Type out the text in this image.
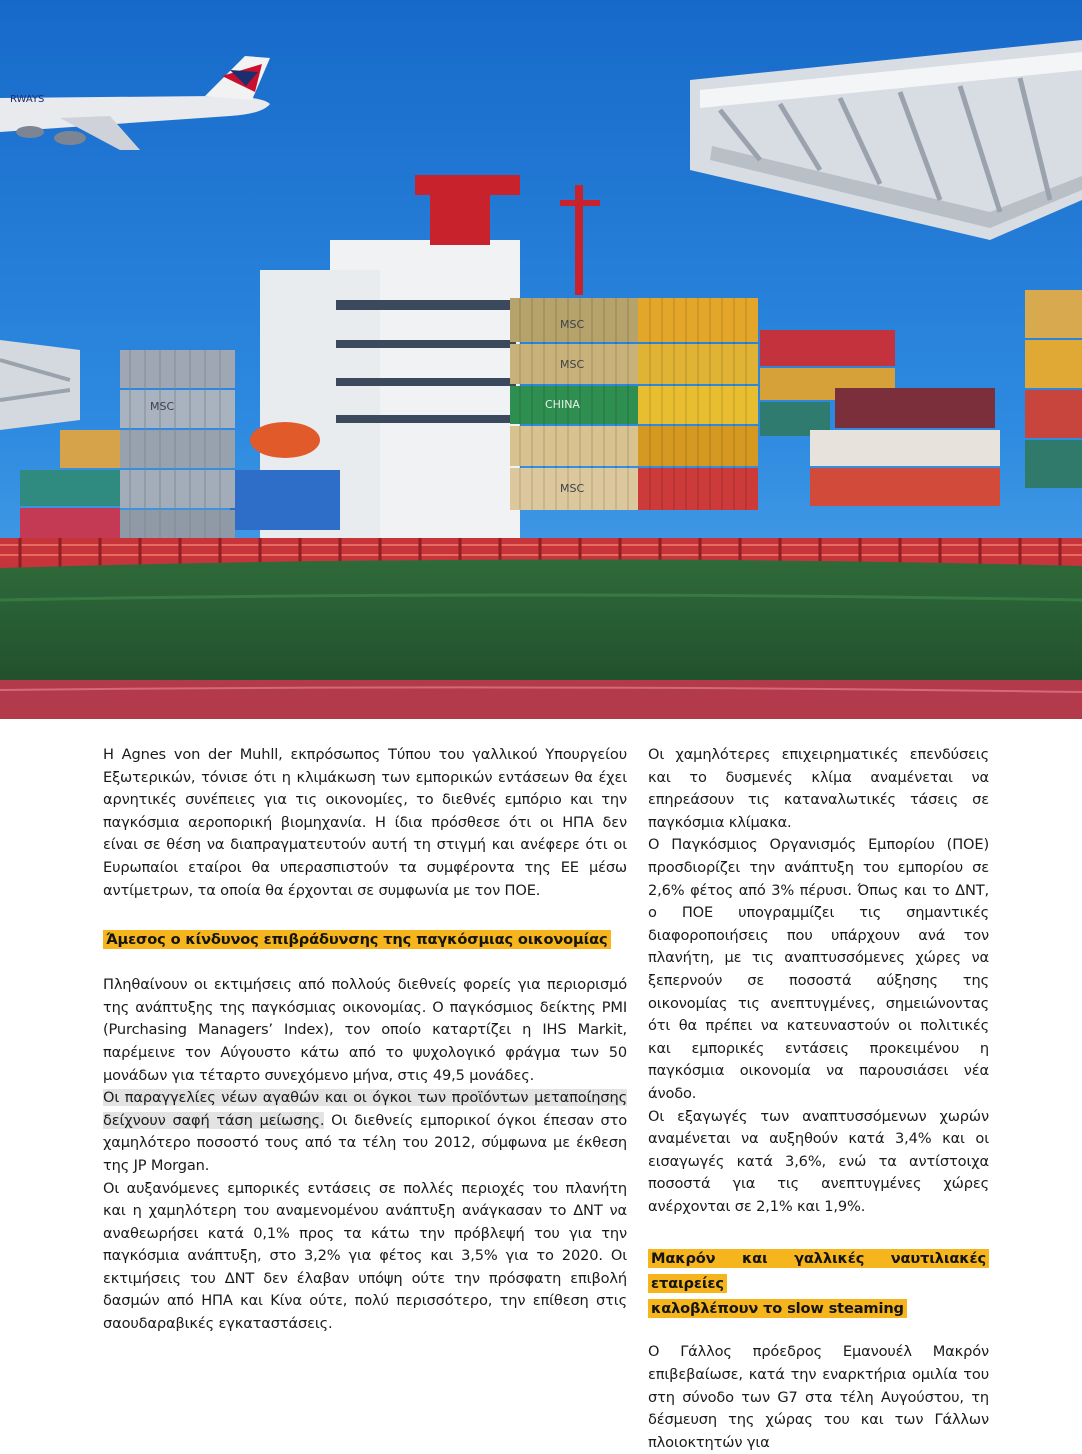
RWAYS
MSC
MSC
MSC
CHINA
MSC

Η Agnes von der Muhll, εκπρόσωπος Τύπου του γαλλικού Υπουργείου Εξωτερικών, τόνισε ότι η κλιμάκωση των εμπορικών εντάσεων θα έχει αρνητικές συνέπειες για τις οικονομίες, το διεθνές εμπόριο και την παγκόσμια αεροπορική βιομηχανία. Η ίδια πρόσθεσε ότι οι ΗΠΑ δεν είναι σε θέση να διαπραγματευτούν αυτή τη στιγμή και ανέφερε ότι οι Ευρωπαίοι εταίροι θα υπερασπιστούν τα συμφέροντα της ΕΕ μέσω αντίμετρων, τα οποία θα έρχονται σε συμφωνία με τον ΠΟΕ.

Άμεσος ο κίνδυνος επιβράδυνσης της παγκόσμιας οικονομίας

Πληθαίνουν οι εκτιμήσεις από πολλούς διεθνείς φορείς για περιορισμό της ανάπτυξης της παγκόσμιας οικονομίας. Ο παγκόσμιος δείκτης PMI (Purchasing Managers’ Index), τον οποίο καταρτίζει η IHS Markit, παρέμεινε τον Αύγουστο κάτω από το ψυχολογικό φράγμα των 50 μονάδων για τέταρτο συνεχόμενο μήνα, στις 49,5 μονάδες.

Οι παραγγελίες νέων αγαθών και οι όγκοι των προϊόντων μεταποίησης δείχνουν σαφή τάση μείωσης. Οι διεθνείς εμπορικοί όγκοι έπεσαν στο χαμηλότερο ποσοστό τους από τα τέλη του 2012, σύμφωνα με έκθεση της JP Morgan.

Οι αυξανόμενες εμπορικές εντάσεις σε πολλές περιοχές του πλανήτη και η χαμηλότερη του αναμενομένου ανάπτυξη ανάγκασαν το ΔΝΤ να αναθεωρήσει κατά 0,1% προς τα κάτω την πρόβλεψή του για την παγκόσμια ανάπτυξη, στο 3,2% για φέτος και 3,5% για το 2020. Οι εκτιμήσεις του ΔΝΤ δεν έλαβαν υπόψη ούτε την πρόσφατη επιβολή δασμών από ΗΠΑ και Κίνα ούτε, πολύ περισσότερο, την επίθεση στις σαουδαραβικές εγκαταστάσεις.

Οι χαμηλότερες επιχειρηματικές επενδύσεις και το δυσμενές κλίμα αναμένεται να επηρεάσουν τις καταναλωτικές τάσεις σε παγκόσμια κλίμακα.

Ο Παγκόσμιος Οργανισμός Εμπορίου (ΠΟΕ) προσδιορίζει την ανάπτυξη του εμπορίου σε 2,6% φέτος από 3% πέρυσι. Όπως και το ΔΝΤ, ο ΠΟΕ υπογραμμίζει τις σημαντικές διαφοροποιήσεις που υπάρχουν ανά τον πλανήτη, με τις αναπτυσσόμενες χώρες να ξεπερνούν σε ποσοστά αύξησης της οικονομίας τις ανεπτυγμένες, σημειώνοντας ότι θα πρέπει να κατευναστούν οι πολιτικές και εμπορικές εντάσεις προκειμένου η παγκόσμια οικονομία να παρουσιάσει νέα άνοδο.

Οι εξαγωγές των αναπτυσσόμενων χωρών αναμένεται να αυξηθούν κατά 3,4% και οι εισαγωγές κατά 3,6%, ενώ τα αντίστοιχα ποσοστά για τις ανεπτυγμένες χώρες ανέρχονται σε 2,1% και 1,9%.

Μακρόν και γαλλικές ναυτιλιακές εταιρείες
καλοβλέπουν το slow steaming

Ο Γάλλος πρόεδρος Εμανουέλ Μακρόν επιβεβαίωσε, κατά την εναρκτήρια ομιλία του στη σύνοδο των G7 στα τέλη Αυγούστου, τη δέσμευση της χώρας του και των Γάλλων πλοιοκτητών για
